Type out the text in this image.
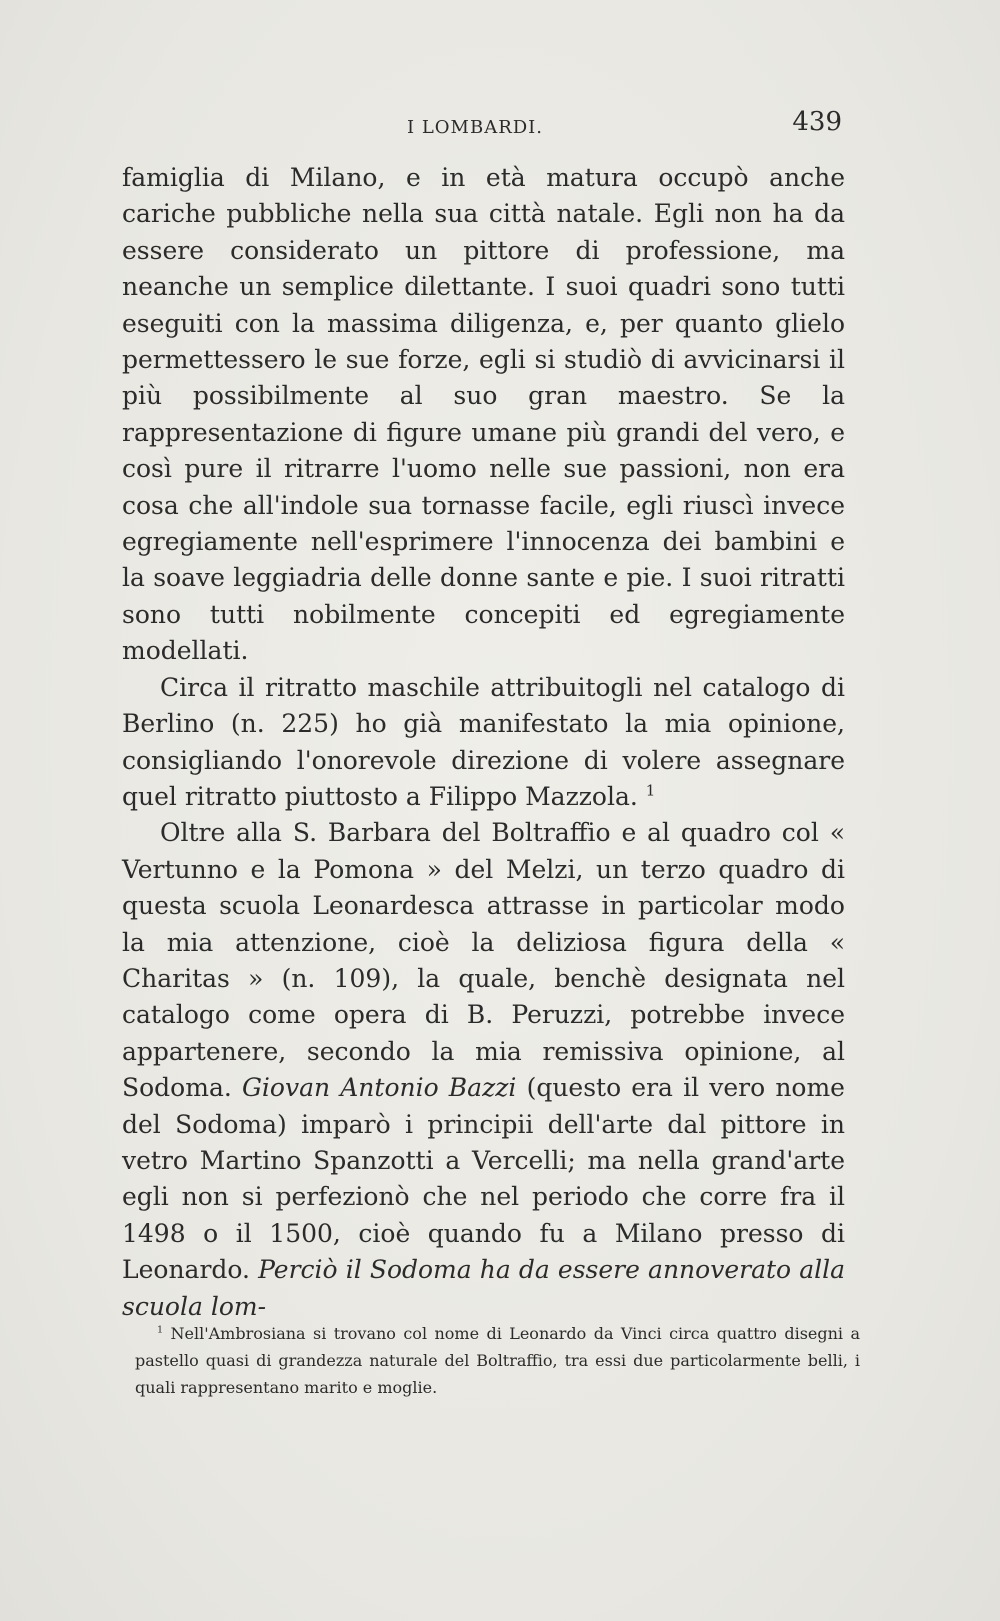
I LOMBARDI.	439

famiglia di Milano, e in età matura occupò anche cariche pubbliche nella sua città natale. Egli non ha da essere considerato un pittore di professione, ma neanche un semplice dilettante. I suoi quadri sono tutti eseguiti con la massima diligenza, e, per quanto glielo permettessero le sue forze, egli si studiò di avvicinarsi il più possibilmente al suo gran maestro. Se la rappresentazione di figure umane più grandi del vero, e così pure il ritrarre l'uomo nelle sue passioni, non era cosa che all'indole sua tornasse facile, egli riuscì invece egregiamente nell'esprimere l'innocenza dei bambini e la soave leggiadria delle donne sante e pie. I suoi ritratti sono tutti nobilmente concepiti ed egregiamente modellati.

Circa il ritratto maschile attribuitogli nel catalogo di Berlino (n. 225) ho già manifestato la mia opinione, consigliando l'onorevole direzione di volere assegnare quel ritratto piuttosto a Filippo Mazzola. $^1$

Oltre alla S. Barbara del Boltraffio e al quadro col « Vertunno e la Pomona » del Melzi, un terzo quadro di questa scuola Leonardesca attrasse in particolar modo la mia attenzione, cioè la deliziosa figura della « Charitas » (n. 109), la quale, benchè designata nel catalogo come opera di B. Peruzzi, potrebbe invece appartenere, secondo la mia remissiva opinione, al Sodoma. Giovan Antonio Bazzi (questo era il vero nome del Sodoma) imparò i principii dell'arte dal pittore in vetro Martino Spanzotti a Vercelli; ma nella grand'arte egli non si perfezionò che nel periodo che corre fra il 1498 o il 1500, cioè quando fu a Milano presso di Leonardo. Perciò il Sodoma ha da essere annoverato alla scuola lom-

$^1$ Nell'Ambrosiana si trovano col nome di Leonardo da Vinci circa quattro disegni a pastello quasi di grandezza naturale del Boltraffio, tra essi due particolarmente belli, i quali rappresentano marito e moglie.
